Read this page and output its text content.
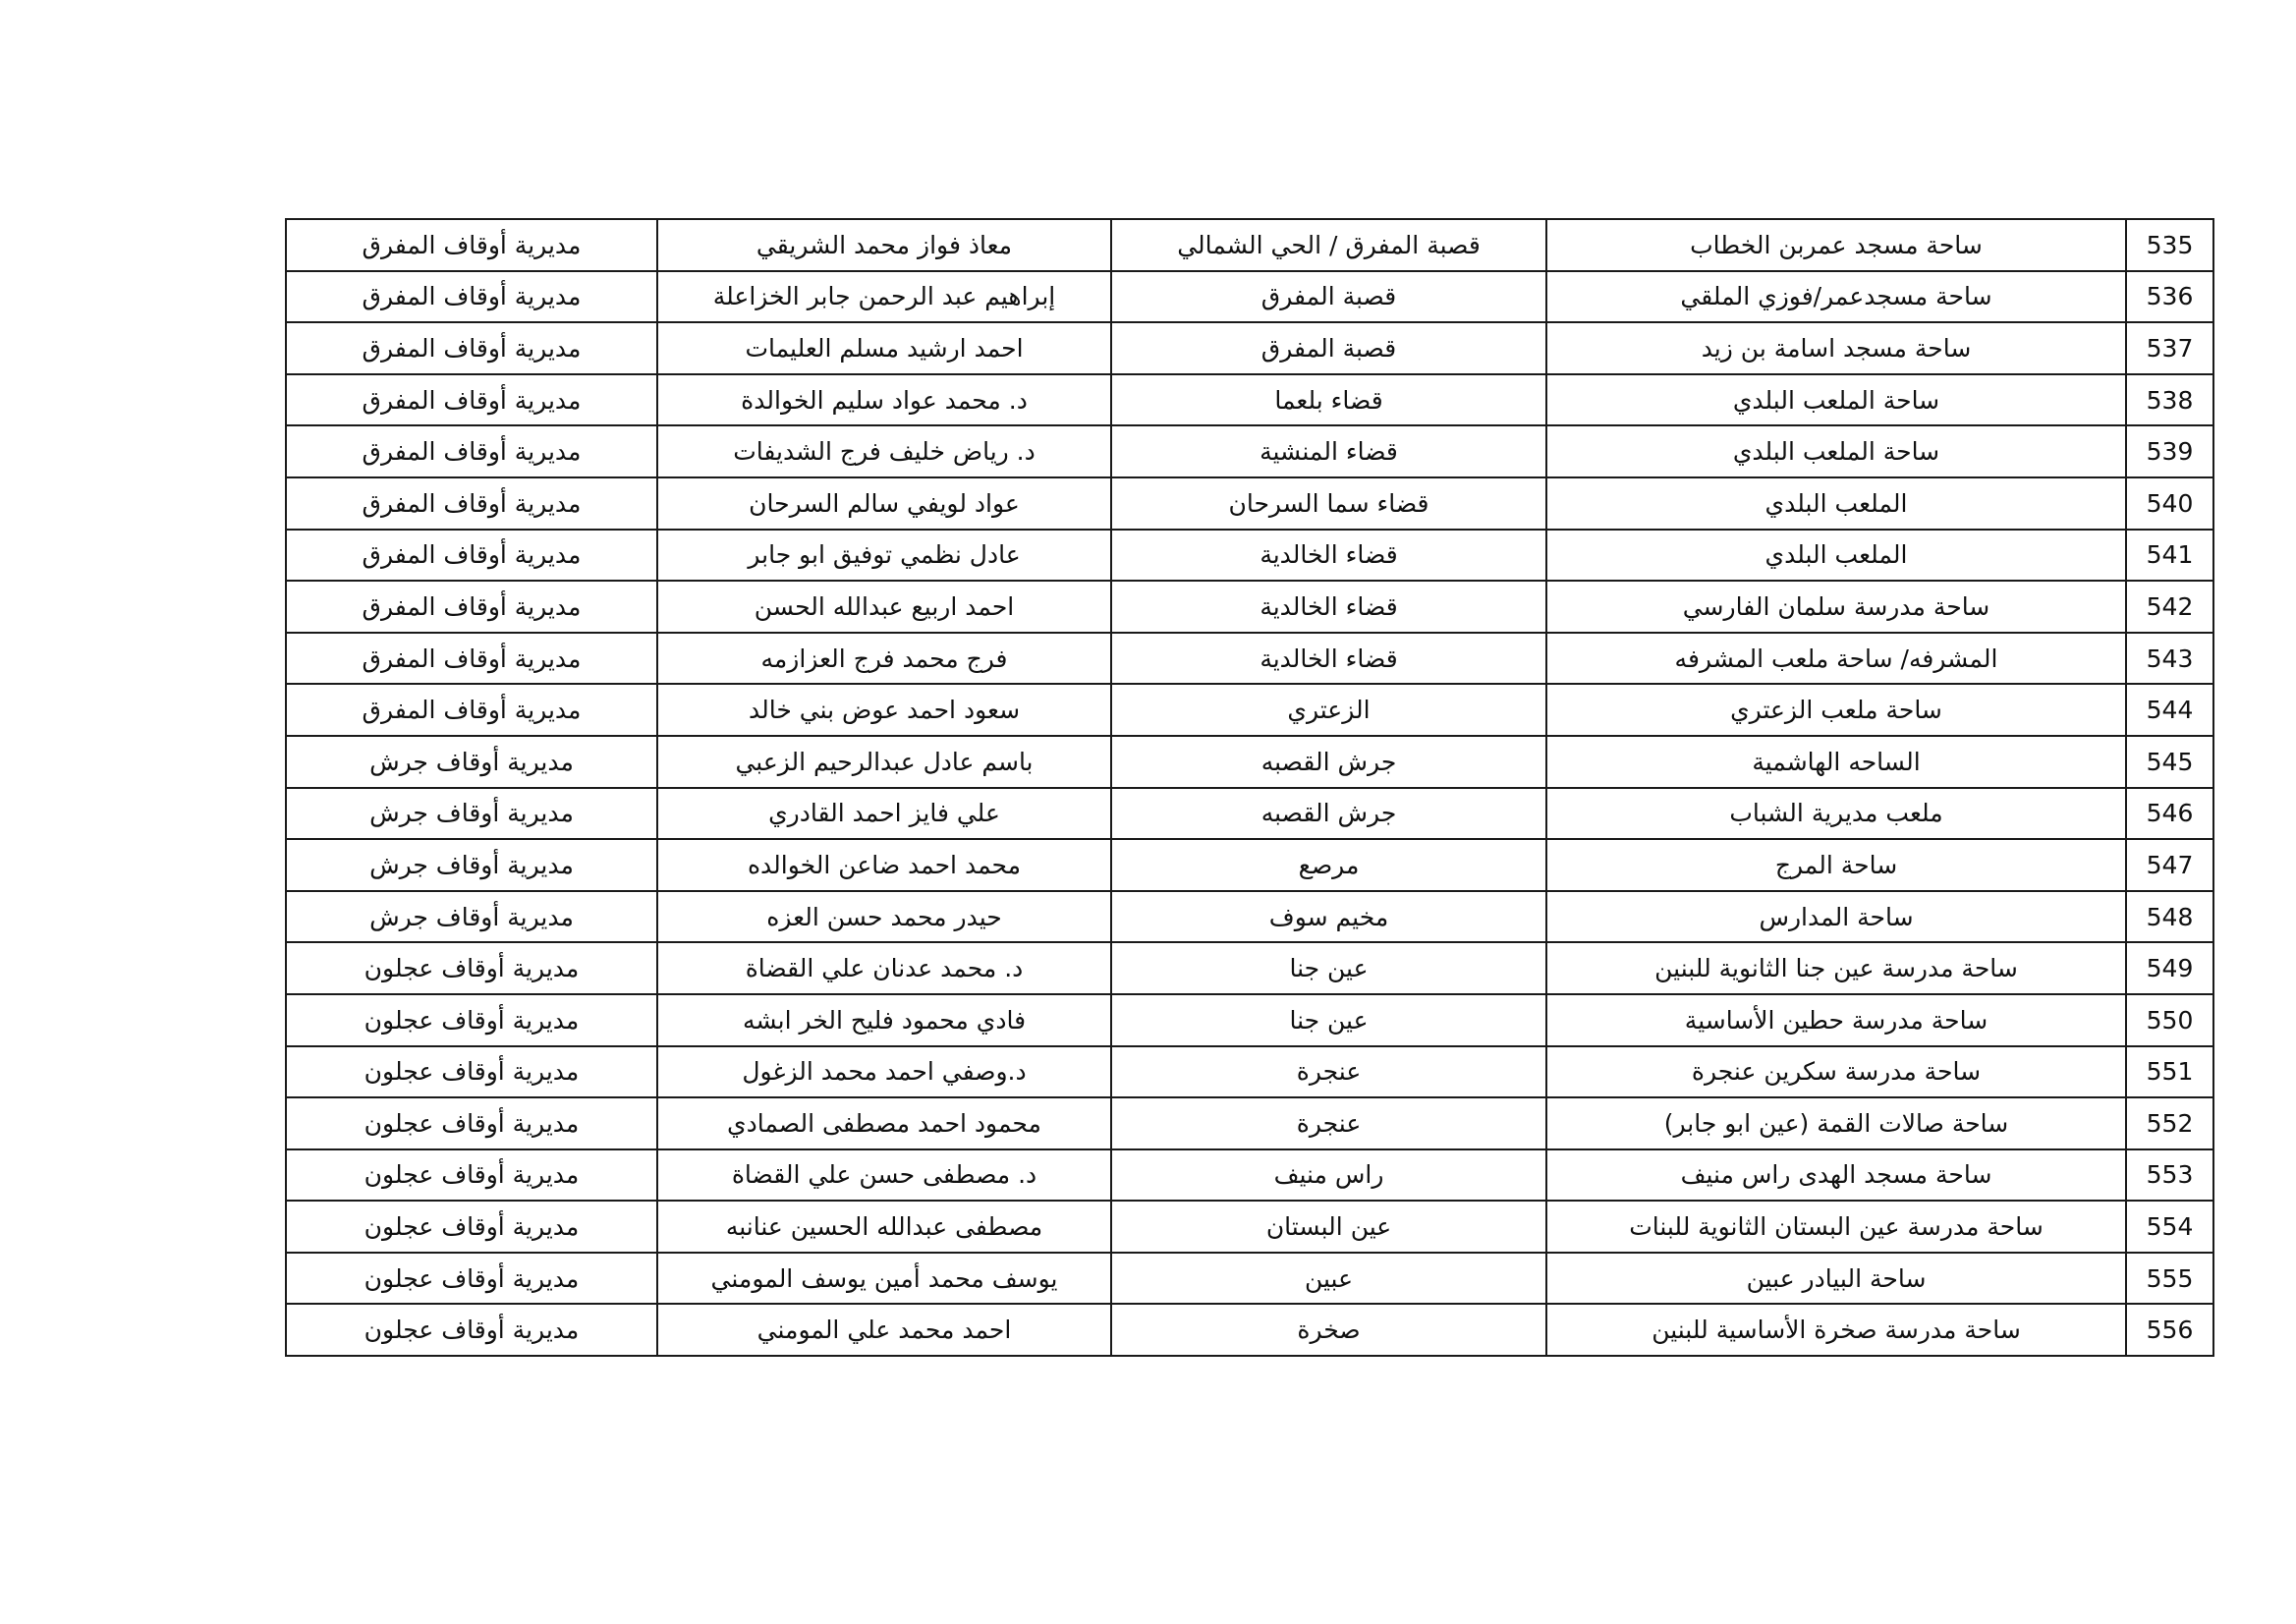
مديرية أوقاف المفرق	معاذ فواز محمد الشريقي	قصبة المفرق / الحي الشمالي	ساحة مسجد عمربن الخطاب	535
مديرية أوقاف المفرق	إبراهيم عبد الرحمن جابر الخزاعلة	قصبة المفرق	ساحة مسجدعمر/فوزي الملقي	536
مديرية أوقاف المفرق	احمد ارشيد مسلم العليمات	قصبة المفرق	ساحة مسجد اسامة بن زيد	537
مديرية أوقاف المفرق	د. محمد عواد سليم الخوالدة	قضاء بلعما	ساحة الملعب البلدي	538
مديرية أوقاف المفرق	د. رياض خليف فرج الشديفات	قضاء المنشية	ساحة الملعب البلدي	539
مديرية أوقاف المفرق	عواد لويفي سالم السرحان	قضاء سما السرحان	الملعب البلدي	540
مديرية أوقاف المفرق	عادل نظمي توفيق ابو جابر	قضاء الخالدية	الملعب البلدي	541
مديرية أوقاف المفرق	احمد اربيع عبدالله الحسن	قضاء الخالدية	ساحة مدرسة سلمان الفارسي	542
مديرية أوقاف المفرق	فرج محمد فرج العزازمه	قضاء الخالدية	المشرفه/ ساحة ملعب المشرفه	543
مديرية أوقاف المفرق	سعود احمد عوض بني خالد	الزعتري	ساحة ملعب الزعتري	544
مديرية أوقاف جرش	باسم عادل عبدالرحيم الزعبي	جرش القصبه	الساحه الهاشمية	545
مديرية أوقاف جرش	علي فايز احمد القادري	جرش القصبه	ملعب مديرية الشباب	546
مديرية أوقاف جرش	محمد احمد ضاعن الخوالده	مرصع	ساحة المرج	547
مديرية أوقاف جرش	حيدر محمد حسن العزه	مخيم سوف	ساحة المدارس	548
مديرية أوقاف عجلون	د. محمد عدنان علي القضاة	عين جنا	ساحة مدرسة عين جنا الثانوية للبنين	549
مديرية أوقاف عجلون	فادي محمود فليح الخر ابشه	عين جنا	ساحة مدرسة حطين الأساسية	550
مديرية أوقاف عجلون	د.وصفي احمد محمد الزغول	عنجرة	ساحة مدرسة سكرين عنجرة	551
مديرية أوقاف عجلون	محمود احمد مصطفى الصمادي	عنجرة	ساحة صالات القمة (عين ابو جابر)	552
مديرية أوقاف عجلون	د. مصطفى حسن علي القضاة	راس منيف	ساحة مسجد الهدى راس منيف	553
مديرية أوقاف عجلون	مصطفى عبدالله الحسين عنانبه	عين البستان	ساحة مدرسة عين البستان الثانوية للبنات	554
مديرية أوقاف عجلون	يوسف محمد أمين يوسف المومني	عبين	ساحة البيادر عبين	555
مديرية أوقاف عجلون	احمد محمد علي المومني	صخرة	ساحة مدرسة صخرة الأساسية للبنين	556
